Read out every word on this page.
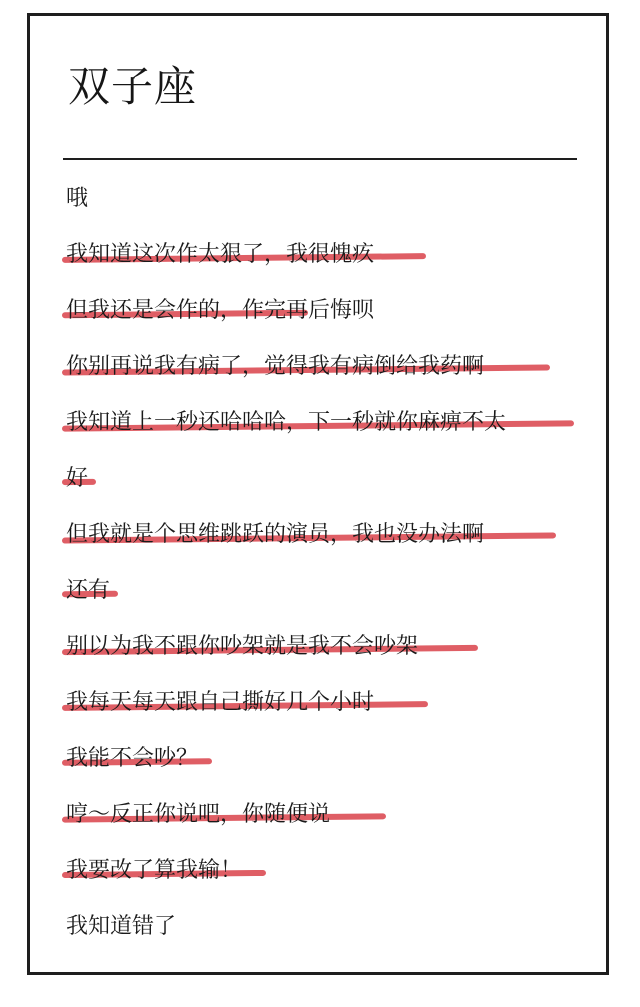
双子座
哦
我知道这次作太狠了，我很愧疚
但我还是会作的，作完再后悔呗
你别再说我有病了，觉得我有病倒给我药啊
我知道上一秒还哈哈哈，下一秒就你麻痹不太
好
但我就是个思维跳跃的演员，我也没办法啊
还有
别以为我不跟你吵架就是我不会吵架
我每天每天跟自己撕好几个小时
我能不会吵？
哼～反正你说吧，你随便说
我要改了算我输！
我知道错了
